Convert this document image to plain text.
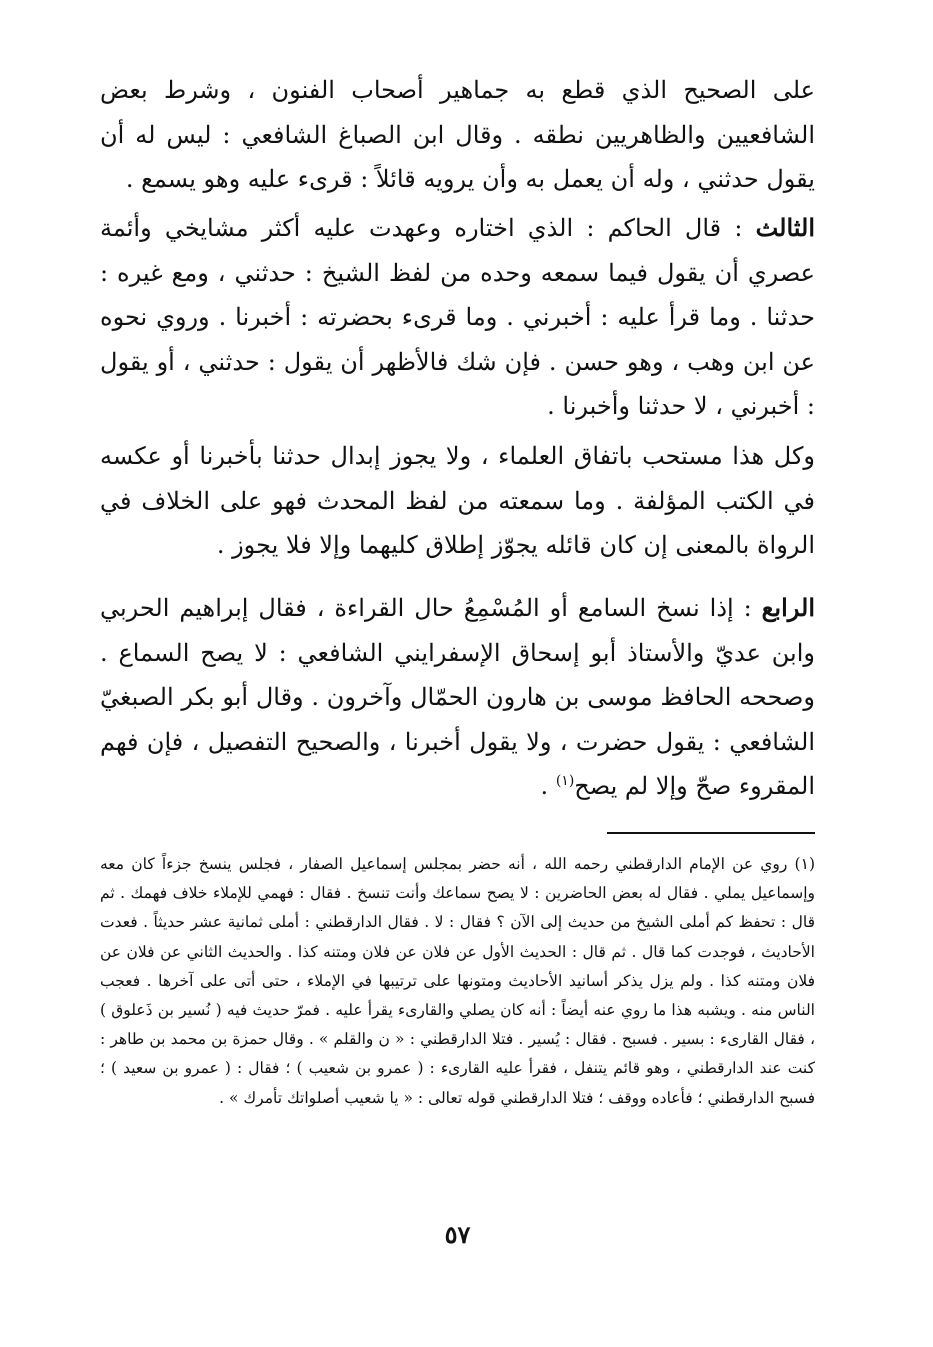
على الصحيح الذي قطع به جماهير أصحاب الفنون ، وشرط بعض الشافعيين والظاهريين نطقه . وقال ابن الصباغ الشافعي : ليس له أن يقول حدثني ، وله أن يعمل به وأن يرويه قائلاً : قرىء عليه وهو يسمع .

الثالث : قال الحاكم : الذي اختاره وعهدت عليه أكثر مشايخي وأئمة عصري أن يقول فيما سمعه وحده من لفظ الشيخ : حدثني ، ومع غيره : حدثنا . وما قرأ عليه : أخبرني . وما قرىء بحضرته : أخبرنا . وروي نحوه عن ابن وهب ، وهو حسن . فإن شك فالأظهر أن يقول : حدثني ، أو يقول : أخبرني ، لا حدثنا وأخبرنا .

وكل هذا مستحب باتفاق العلماء ، ولا يجوز إبدال حدثنا بأخبرنا أو عكسه في الكتب المؤلفة . وما سمعته من لفظ المحدث فهو على الخلاف في الرواة بالمعنى إن كان قائله يجوّز إطلاق كليهما وإلا فلا يجوز .

الرابع : إذا نسخ السامع أو المُسْمِعُ حال القراءة ، فقال إبراهيم الحربي وابن عديّ والأستاذ أبو إسحاق الإسفرايني الشافعي : لا يصح السماع . وصححه الحافظ موسى بن هارون الحمّال وآخرون . وقال أبو بكر الصبغيّ الشافعي : يقول حضرت ، ولا يقول أخبرنا ، والصحيح التفصيل ، فإن فهم المقروء صحّ وإلا لم يصح$^{(١)}$ .

(١) روي عن الإمام الدارقطني رحمه الله ، أنه حضر بمجلس إسماعيل الصفار ، فجلس ينسخ جزءاً كان معه وإسماعيل يملي . فقال له بعض الحاضرين : لا يصح سماعك وأنت تنسخ . فقال : فهمي للإملاء خلاف فهمك . ثم قال : تحفظ كم أملى الشيخ من حديث إلى الآن ؟ فقال : لا . فقال الدارقطني : أملى ثمانية عشر حديثاً . فعدت الأحاديث ، فوجدت كما قال . ثم قال : الحديث الأول عن فلان عن فلان ومتنه كذا . والحديث الثاني عن فلان عن فلان ومتنه كذا . ولم يزل يذكر أسانيد الأحاديث ومتونها على ترتيبها في الإملاء ، حتى أتى على آخرها . فعجب الناس منه . ويشبه هذا ما روي عنه أيضاً : أنه كان يصلي والقارىء يقرأ عليه . فمرّ حديث فيه ( نُسير بن ذَعلوق ) ، فقال القارىء : بسير . فسبح . فقال : يُسير . فتلا الدارقطني : « ن والقلم » . وقال حمزة بن محمد بن طاهر : كنت عند الدارقطني ، وهو قائم يتنفل ، فقرأ عليه القارىء : ( عمرو بن شعيب ) ؛ فقال : ( عمرو بن سعيد ) ؛ فسبح الدارقطني ؛ فأعاده ووقف ؛ فتلا الدارقطني قوله تعالى : « يا شعيب أصلواتك تأمرك » .

٥٧
